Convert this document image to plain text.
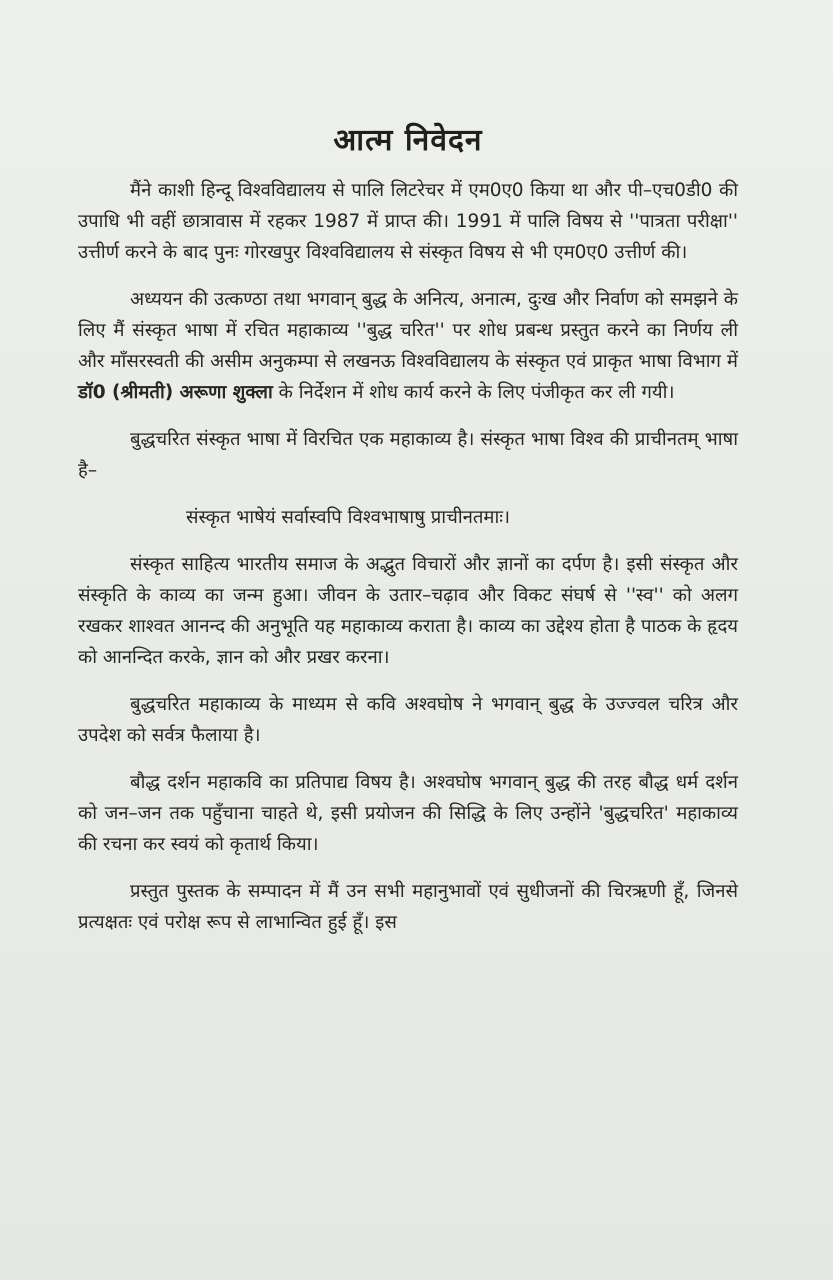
आत्म निवेदन

मैंने काशी हिन्दू विश्वविद्यालय से पालि लिटरेचर में एम0ए0 किया था और पी–एच0डी0 की उपाधि भी वहीं छात्रावास में रहकर 1987 में प्राप्त की। 1991 में पालि विषय से ''पात्रता परीक्षा'' उत्तीर्ण करने के बाद पुनः गोरखपुर विश्वविद्यालय से संस्कृत विषय से भी एम0ए0 उत्तीर्ण की।

अध्ययन की उत्कण्ठा तथा भगवान् बुद्ध के अनित्य, अनात्म, दुःख और निर्वाण को समझने के लिए मैं संस्कृत भाषा में रचित महाकाव्य ''बुद्ध चरित'' पर शोध प्रबन्ध प्रस्तुत करने का निर्णय ली और माँसरस्वती की असीम अनुकम्पा से लखनऊ विश्वविद्यालय के संस्कृत एवं प्राकृत भाषा विभाग में डॉ0 (श्रीमती) अरूणा शुक्ला के निर्देशन में शोध कार्य करने के लिए पंजीकृत कर ली गयी।

बुद्धचरित संस्कृत भाषा में विरचित एक महाकाव्य है। संस्कृत भाषा विश्व की प्राचीनतम् भाषा है–

संस्कृत भाषेयं सर्वास्वपि विश्वभाषाषु प्राचीनतमाः।

संस्कृत साहित्य भारतीय समाज के अद्भुत विचारों और ज्ञानों का दर्पण है। इसी संस्कृत और संस्कृति के काव्य का जन्म हुआ। जीवन के उतार–चढ़ाव और विकट संघर्ष से ''स्व'' को अलग रखकर शाश्वत आनन्द की अनुभूति यह महाकाव्य कराता है। काव्य का उद्देश्य होता है पाठक के हृदय को आनन्दित करके, ज्ञान को और प्रखर करना।

बुद्धचरित महाकाव्य के माध्यम से कवि अश्वघोष ने भगवान् बुद्ध के उज्ज्वल चरित्र और उपदेश को सर्वत्र फैलाया है।

बौद्ध दर्शन महाकवि का प्रतिपाद्य विषय है। अश्वघोष भगवान् बुद्ध की तरह बौद्ध धर्म दर्शन को जन–जन तक पहुँचाना चाहते थे, इसी प्रयोजन की सिद्धि के लिए उन्होंने 'बुद्धचरित' महाकाव्य की रचना कर स्वयं को कृतार्थ किया।

प्रस्तुत पुस्तक के सम्पादन में मैं उन सभी महानुभावों एवं सुधीजनों की चिरऋणी हूँ, जिनसे प्रत्यक्षतः एवं परोक्ष रूप से लाभान्वित हुई हूँ। इस
